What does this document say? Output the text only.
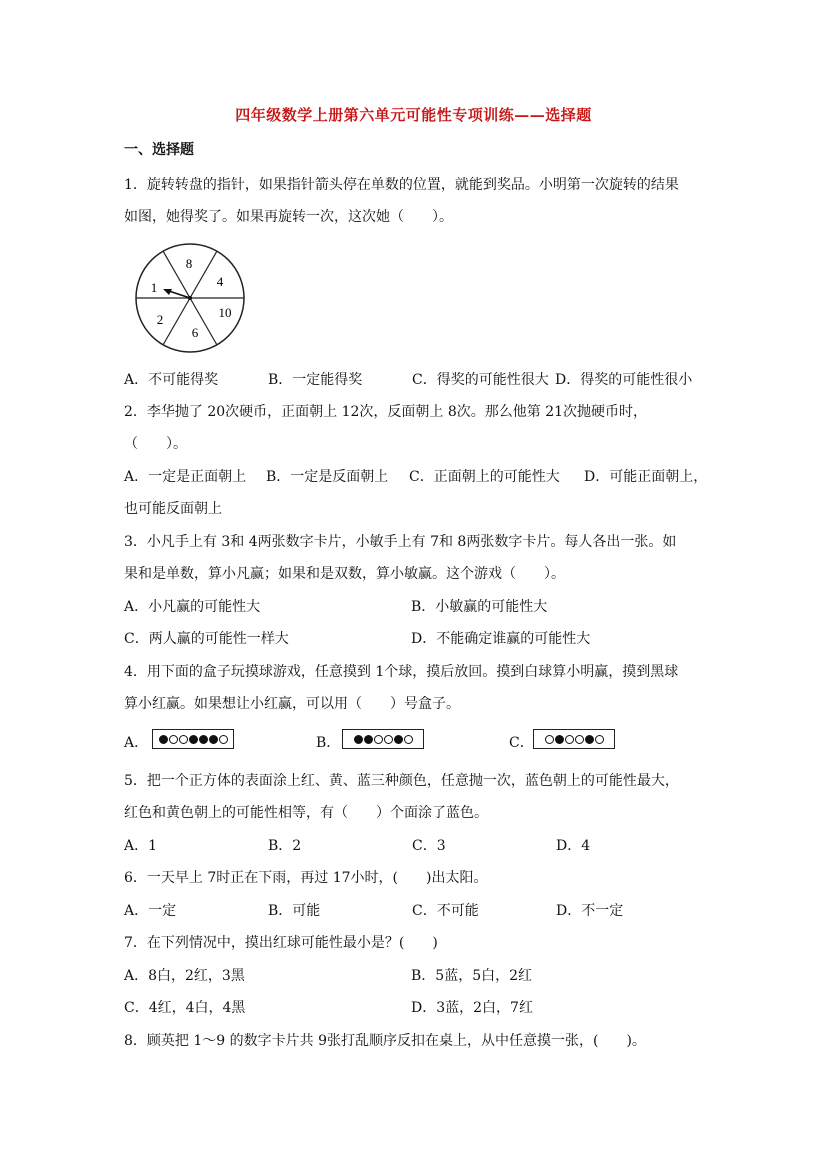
四年级数学上册第六单元可能性专项训练——选择题
一、选择题
1．旋转转盘的指针，如果指针箭头停在单数的位置，就能到奖品。小明第一次旋转的结果
如图，她得奖了。如果再旋转一次，这次她（　　）。
8
4
1
10
2
6
A．不可能得奖	B．一定能得奖	C．得奖的可能性很大 D．得奖的可能性很小
2．李华抛了 20次硬币，正面朝上 12次，反面朝上 8次。那么他第 21次抛硬币时，
（　　）。
A．一定是正面朝上 B．一定是反面朝上 C．正面朝上的可能性大 D．可能正面朝上，
也可能反面朝上
3．小凡手上有 3和 4两张数字卡片，小敏手上有 7和 8两张数字卡片。每人各出一张。如
果和是单数，算小凡赢；如果和是双数，算小敏赢。这个游戏（　　）。
A．小凡赢的可能性大	B．小敏赢的可能性大
C．两人赢的可能性一样大	D．不能确定谁赢的可能性大
4．用下面的盒子玩摸球游戏，任意摸到 1个球，摸后放回。摸到白球算小明赢，摸到黑球
算小红赢。如果想让小红赢，可以用（　　）号盒子。
A．	B．	C．
5．把一个正方体的表面涂上红、黄、蓝三种颜色，任意抛一次，蓝色朝上的可能性最大，
红色和黄色朝上的可能性相等，有（　　）个面涂了蓝色。
A．1	B．2	C．3	D．4
6．一天早上 7时正在下雨，再过 17小时，(　　)出太阳。
A．一定	B．可能	C．不可能	D．不一定
7．在下列情况中，摸出红球可能性最小是？(　　)
A．8白，2红，3黑	B．5蓝，5白，2红
C．4红，4白，4黑	D．3蓝，2白，7红
8．顾英把 1～9 的数字卡片共 9张打乱顺序反扣在桌上，从中任意摸一张，(　　)。
